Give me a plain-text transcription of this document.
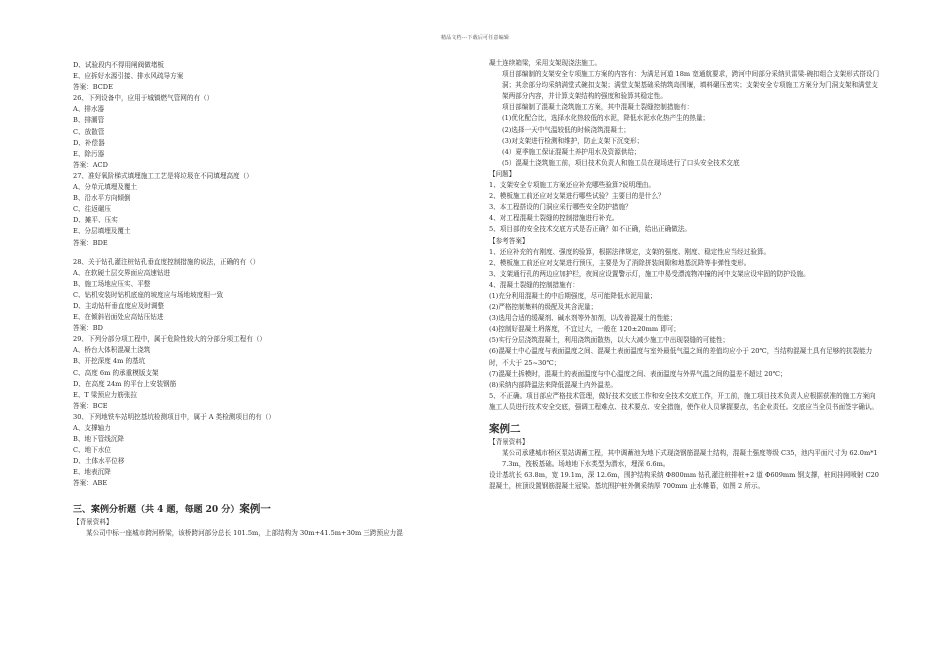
精品文档---下载后可任意编辑
D、试验段内不得用闸阀做堵板
E、应拆好水源引接、排水风疏导方案
答案：BCDE
26、下列设备中，应用于城镇燃气管网的有（）
A、排水器
B、排潮管
C、放散管
D、补偿器
E、除污器
答案：ACD
27、准好氧阶梯式填埋施工工艺是将垃圾在不同填埋高度（）
A、分单元填埋及覆土
B、沿水平方向倾倒
C、往返碾压
D、摊平、压实
E、分层填埋及覆土
答案：BDE
28、关于钻孔灌注桩钻孔垂直度控制措施的说法，正确的有（）
A、在软硬土层交界面应高速钻进
B、施工场地应压实、平整
C、钻机安装时钻机底座的坡度应与场地坡度相一致
D、主动钻杆垂直度应及时调整
E、在倾斜岩面处应高钻压钻进
答案：BD
29、下列分部分项工程中，属于危险性较大的分部分项工程有（）
A、桥台大体积混凝土浇筑
B、开挖深度 4m 的基坑
C、高度 6m 的承重模版支架
D、在高度 24m 的平台上安装钢筋
E、T 梁预应力筋张拉
答案：BCE
30、下列地铁车站明挖基坑检测项目中，属于 A 类检测项目的有（）
A、支撑轴力
B、地下管线沉降
C、地下水位
D、土体水平位移
E、地表沉降
答案：ABE
三、案例分析题（共 4 题，每题 20 分）案例一
【背景资料】
某公司中标一座城市跨河桥梁，该桥跨河部分总长 101.5m，上部结构为 30m+41.5m+30m 三跨预应力混
凝土连续箱梁，采用支架现浇法施工。
项目部编制的支架安全专项施工方案的内容有：为满足河道 18m 宽通航要求，跨河中间部分采纳贝雷梁-碗扣组合支架形式搭设门洞；其余部分均采纳满堂式碗扣支架；满堂支架基础采纳筑岛围堰，填料碾压密实；支架安全专项施工方案分为门洞支架和满堂支架两部分内容，并计算支架结构的强度和验算其稳定性。
项目部编制了混凝土浇筑施工方案，其中混凝土裂缝控制措施有：
(1)优化配合比，选择水化热较低的水泥，降低水泥水化热产生的热量；
(2)选择一天中气温较低的时候浇筑混凝土；
(3)对支架进行检测和维护，防止支架下沉变形；
(4）夏季施工保证混凝土养护用水及资源供给；
(5）混凝土浇筑施工前，项目技术负责人和施工员在现场进行了口头安全技术交底
【问题】
1、支架安全专项施工方案还应补充哪些验算?说明理由。
2、模板施工前还应对支架进行哪些试验？主要目的是什么？
3、本工程搭设的门洞应采行哪些安全防护措施？
4、对工程混凝土裂缝的控制措施进行补充。
5、项目部的安全技术交底方式是否正确？如不正确，给出正确做法。
【参考答案】
1、还应补充的有刚度、强度的验算，根据法律规定，支架的强度、刚度、稳定性应当经过验算。
2、模板施工前还应对支架进行预压，主要是为了消除拼装间隙和地基沉降等非弹性变形。
3、支架通行孔的两边应加护栏，夜间应设置警示灯，施工中易受漂流物冲撞的河中支架应设牢固的防护设施。
4、混凝土裂缝的控制措施有：
(1)充分利用混凝土的中后期强度，尽可能降低水泥用量；
(2)严格控制集料的级配及其含泥量；
(3)选用合适的缓凝剂、碱水剂等外加剂，以改善混凝土的性能；
(4)控制好混凝土坍落度，不宜过大，一般在 120±20mm 即可；
(5)实行分层浇筑混凝土，利用浇筑面散热，以大大减少施工中出现裂缝的可能性；
(6)混凝土中心温度与表面温度之间、混凝土表面温度与室外最低气温之间的差值均应小于 20℃，当结构混凝土具有足够的抗裂能力时，不大于 25~30℃；
(7)混凝土拆模时，混凝土的表面温度与中心温度之间、表面温度与外界气温之间的温差不超过 20℃；
(8)采纳内部降温法来降低混凝土内外温差。
5、不正确。项目部应严格技术管理，做好技术交底工作和安全技术交底工作，开工前，施工项目技术负责人应根据获准的施工方案向施工人员进行技术安全交底，强调工程难点、技术要点、安全措施，使作业人员掌握要点，名企业责任。交底应当全员书面签字确认。
案例二
【背景资料】
某公司承建城市桥区泵站调蓄工程，其中调蓄池为地下式现浇钢筋混凝土结构，混凝土强度等级 C35，池内平面尺寸为 62.0m*17.3m，筏板基础。场地地下水类型为潜水，埋深 6.6m。
设计基坑长 63.8m，宽 19.1m，深 12.6m，围护结构采纳 Φ800mm 钻孔灌注桩排桩+2 道 Φ609mm 钢支撑，桩间挂网喷射 C20 混凝土，桩顶设置钢筋混凝土冠梁。基坑围护桩外侧采纳厚 700mm 止水帷幕，如图 2 所示。
